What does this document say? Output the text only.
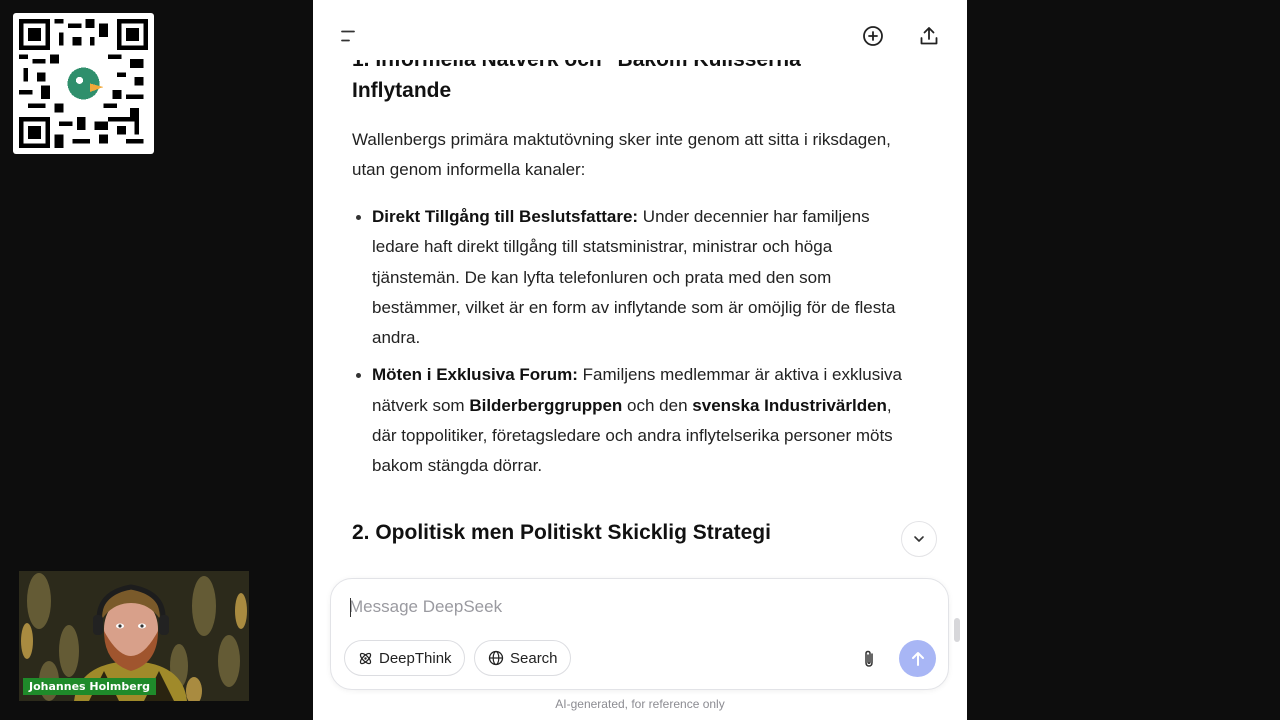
Johannes Holmberg
Inflytande

Wallenbergs primära maktutövning sker inte genom att sitta i riksdagen, utan genom informella kanaler:

Direkt Tillgång till Beslutsfattare: Under decennier har familjens ledare haft direkt tillgång till statsministrar, ministrar och höga tjänstemän. De kan lyfta telefonluren och prata med den som bestämmer, vilket är en form av inflytande som är omöjlig för de flesta andra.
Möten i Exklusiva Forum: Familjens medlemmar är aktiva i exklusiva nätverk som Bilderberggruppen och den svenska Industrivärlden, där toppolitiker, företagsledare och andra inflytelserika personer möts bakom stängda dörrar.
2. Opolitisk men Politiskt Skicklig Strategi

Message DeepSeek
DeepThink	Search
AI-generated, for reference only
